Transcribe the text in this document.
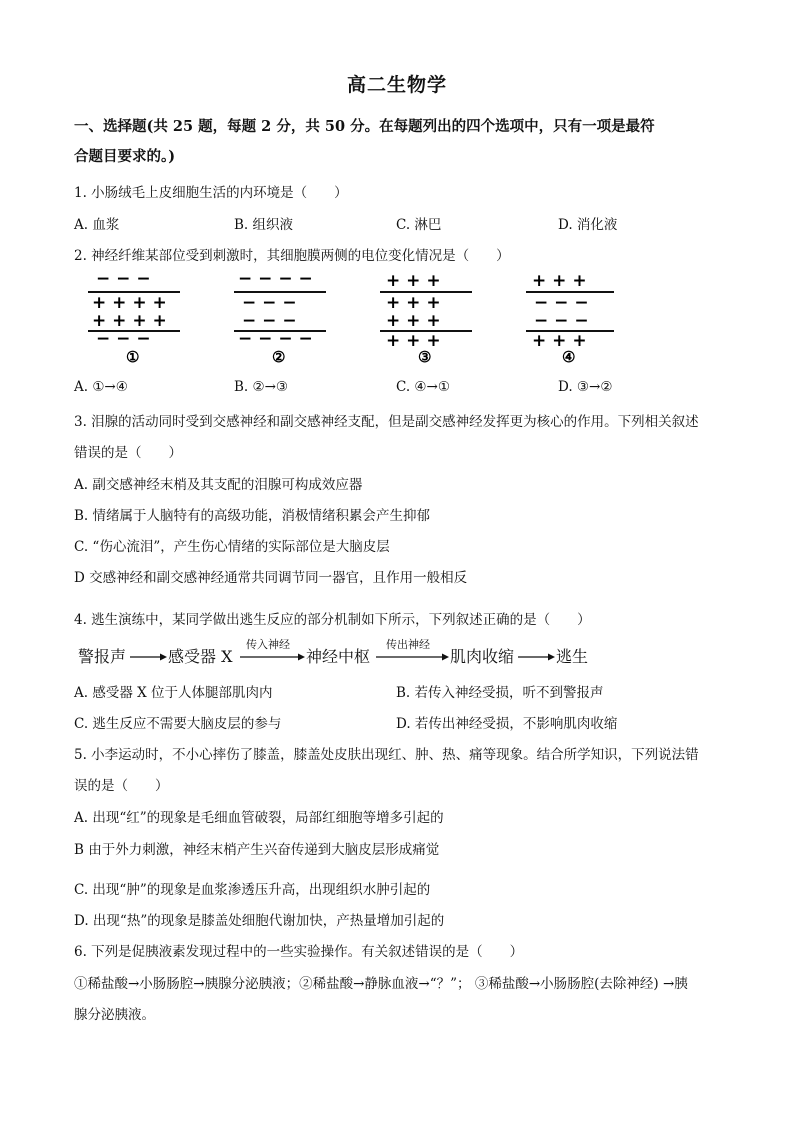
高二生物学
一、选择题(共 25 题，每题 2 分，共 50 分。在每题列出的四个选项中，只有一项是最符
合题目要求的。)
1. 小肠绒毛上皮细胞生活的内环境是（　　）
A. 血浆	B. 组织液	C. 淋巴	D. 消化液
2. 神经纤维某部位受到刺激时，其细胞膜两侧的电位变化情况是（　　）
− − −
+ + + +
+ + + +
− − −
①
− − − −
− − −
− − −
− − − −
②
+ + +
+ + +
+ + +
+ + +
③
+ + +
− − −
− − −
+ + +
④
A. ①→④	B. ②→③	C. ④→①	D. ③→②
3. 泪腺的活动同时受到交感神经和副交感神经支配，但是副交感神经发挥更为核心的作用。下列相关叙述
错误的是（　　）
A. 副交感神经末梢及其支配的泪腺可构成效应器
B. 情绪属于人脑特有的高级功能，消极情绪积累会产生抑郁
C. “伤心流泪”，产生伤心情绪的实际部位是大脑皮层
D 交感神经和副交感神经通常共同调节同一器官，且作用一般相反
4. 逃生演练中，某同学做出逃生反应的部分机制如下所示，下列叙述正确的是（　　）
警报声	感受器 X
传入神经
神经中枢
传出神经
肌肉收缩	逃生
A. 感受器 X 位于人体腿部肌肉内	B. 若传入神经受损，听不到警报声
C. 逃生反应不需要大脑皮层的参与	D. 若传出神经受损，不影响肌肉收缩
5. 小李运动时，不小心摔伤了膝盖，膝盖处皮肤出现红、肿、热、痛等现象。结合所学知识，下列说法错
误的是（　　）
A. 出现“红”的现象是毛细血管破裂，局部红细胞等增多引起的
B 由于外力刺激，神经末梢产生兴奋传递到大脑皮层形成痛觉
C. 出现“肿”的现象是血浆渗透压升高，出现组织水肿引起的
D. 出现“热”的现象是膝盖处细胞代谢加快，产热量增加引起的
6. 下列是促胰液素发现过程中的一些实验操作。有关叙述错误的是（　　）
①稀盐酸→小肠肠腔→胰腺分泌胰液；②稀盐酸→静脉血液→“？”； ③稀盐酸→小肠肠腔(去除神经) →胰
腺分泌胰液。
